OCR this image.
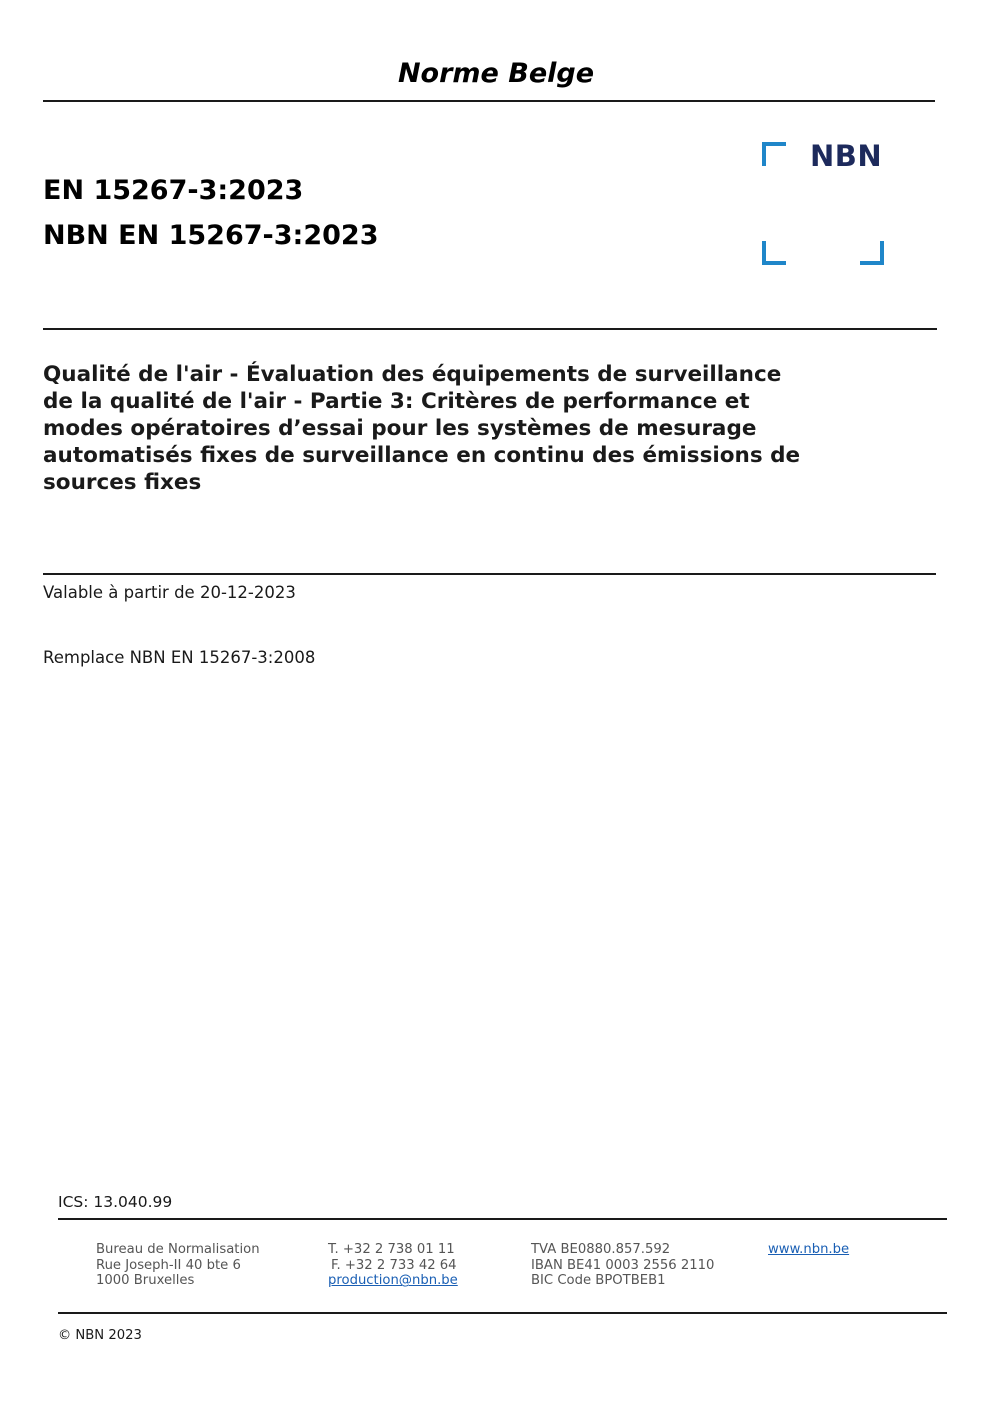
Norme Belge
EN 15267-3:2023
NBN EN 15267-3:2023
NBN
Qualité de l'air - Évaluation des équipements de surveillance
de la qualité de l'air - Partie 3: Critères de performance et
modes opératoires d’essai pour les systèmes de mesurage
automatisés fixes de surveillance en continu des émissions de
sources fixes
Valable à partir de 20-12-2023
Remplace NBN EN 15267-3:2008
ICS: 13.040.99
Bureau de Normalisation
Rue Joseph-II 40 bte 6
1000 Bruxelles
T. +32 2 738 01 11
F. +32 2 733 42 64
production@nbn.be
TVA BE0880.857.592
IBAN BE41 0003 2556 2110
BIC Code BPOTBEB1
www.nbn.be
© NBN 2023
